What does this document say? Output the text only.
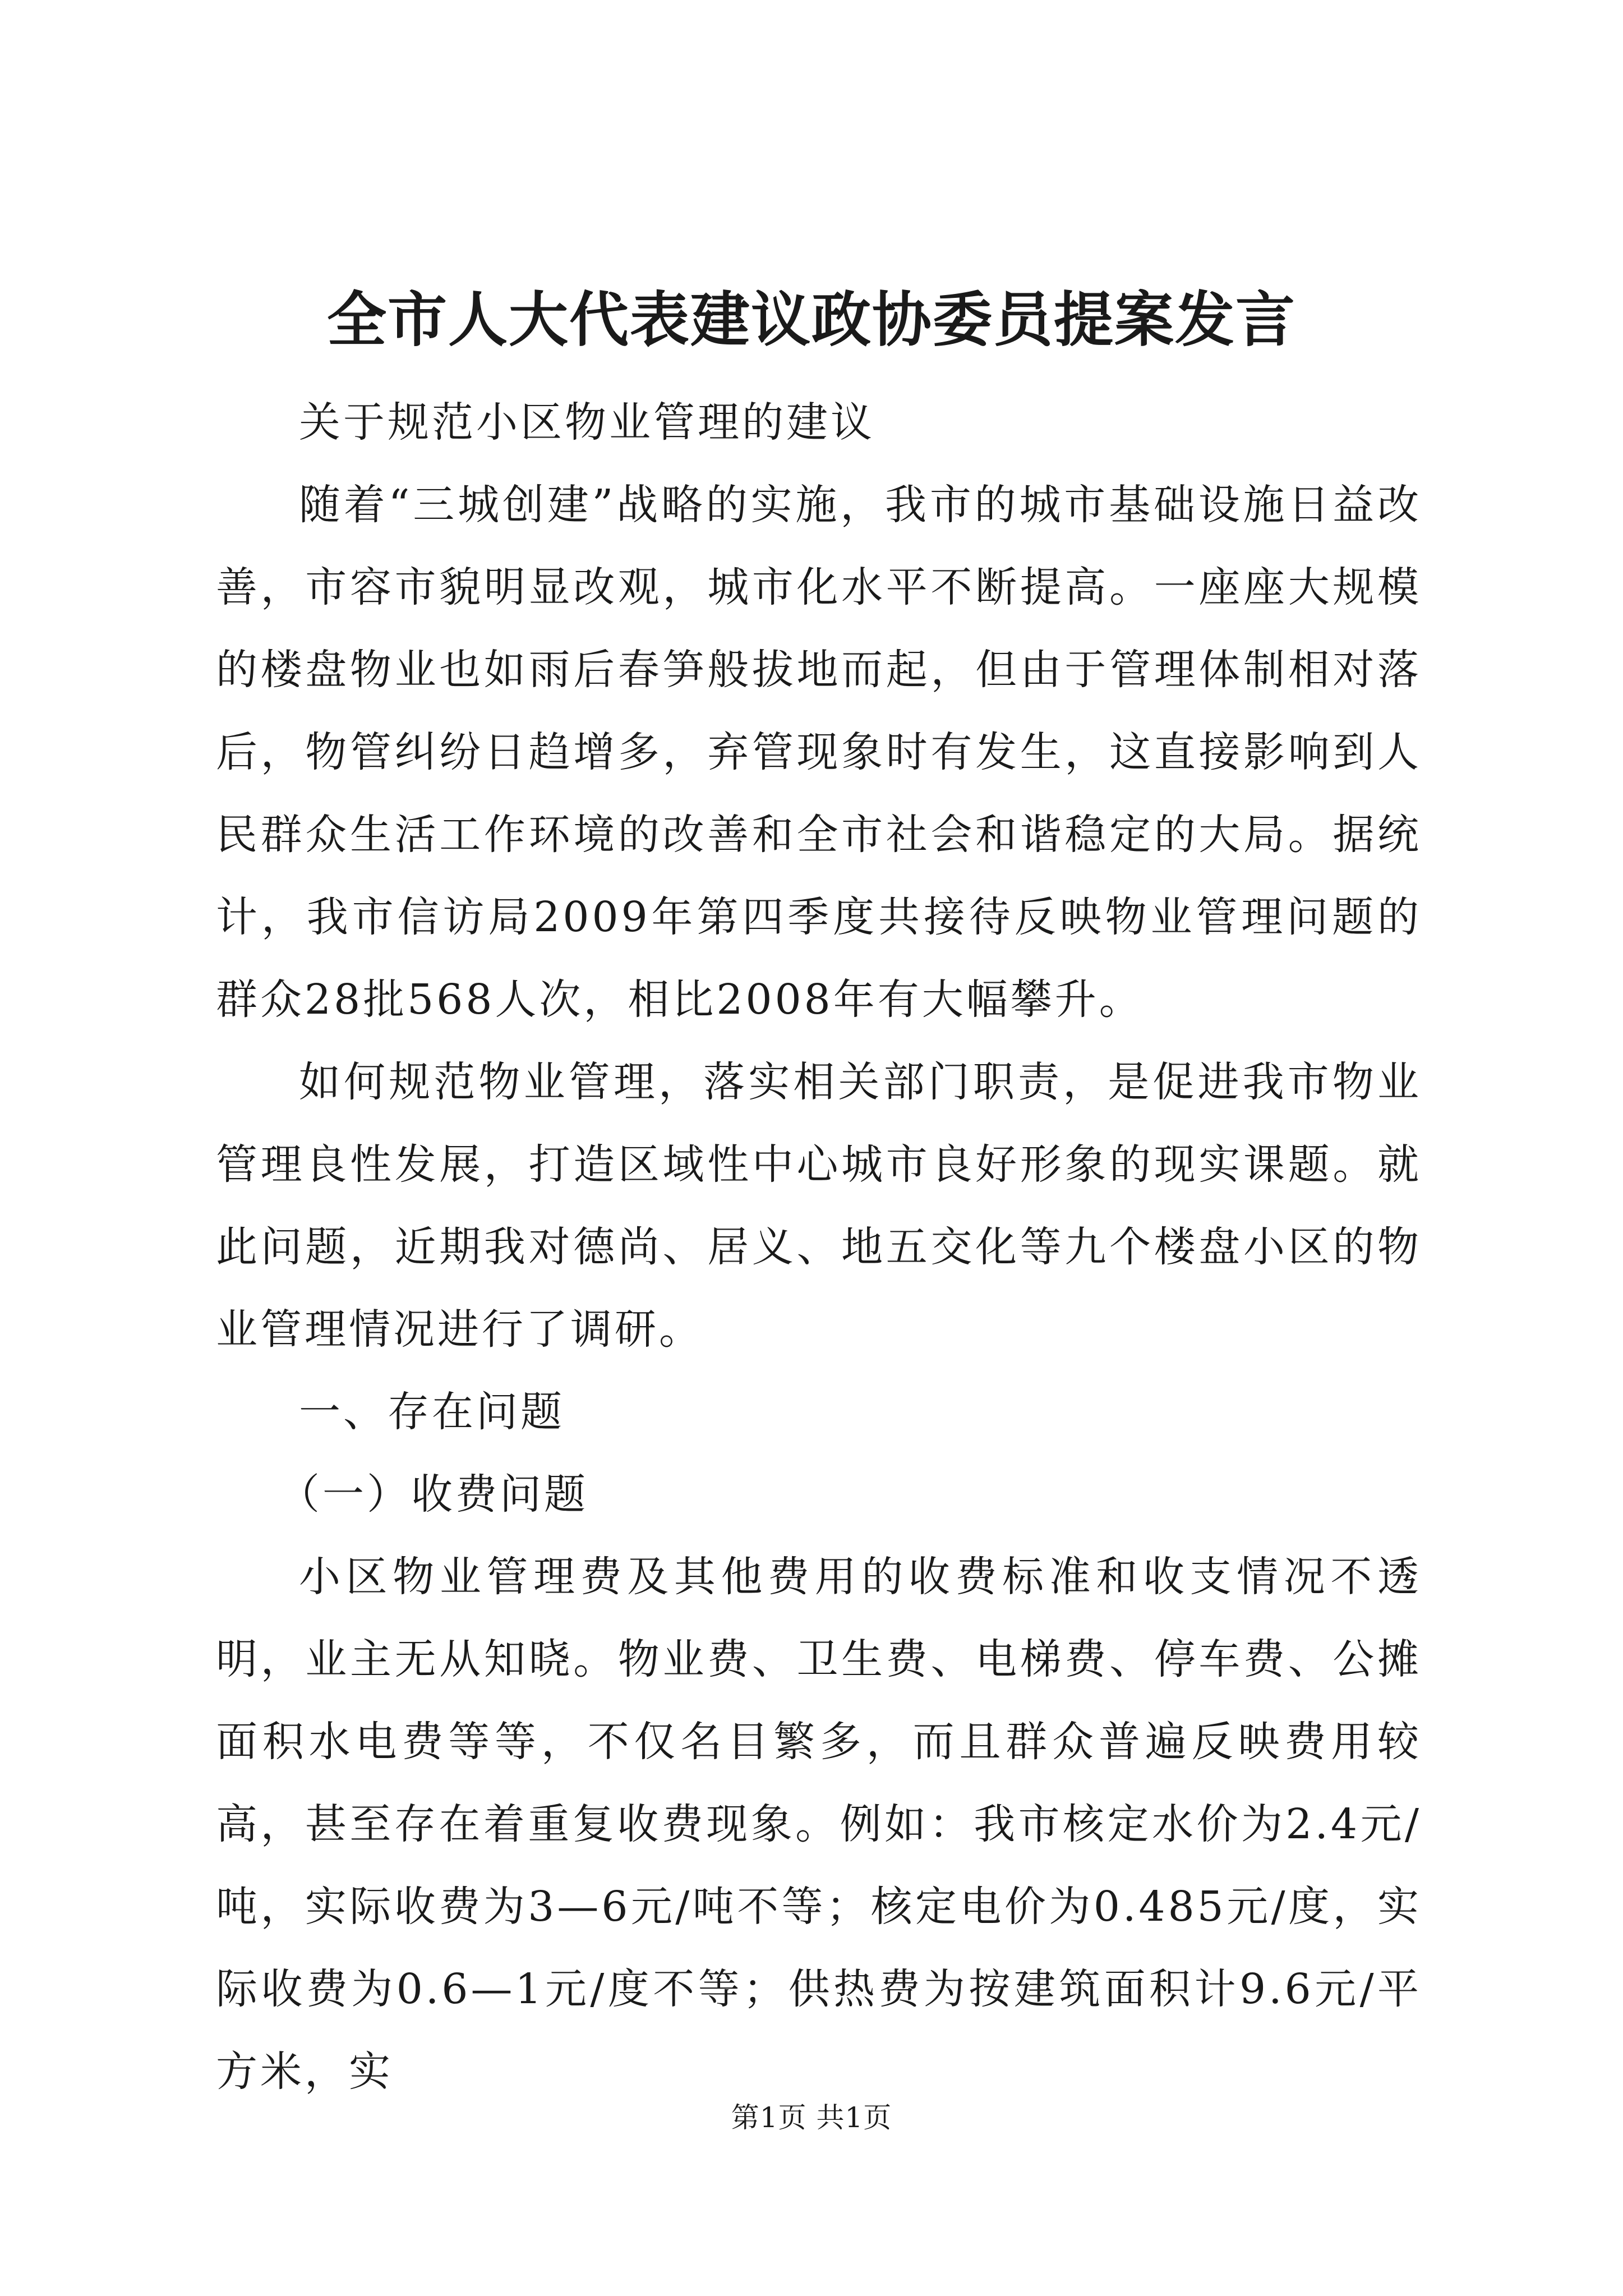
全市人大代表建议政协委员提案发言

关于规范小区物业管理的建议

随着“三城创建”战略的实施，我市的城市基础设施日益改善，市容市貌明显改观，城市化水平不断提高。一座座大规模的楼盘物业也如雨后春笋般拔地而起，但由于管理体制相对落后，物管纠纷日趋增多，弃管现象时有发生，这直接影响到人民群众生活工作环境的改善和全市社会和谐稳定的大局。据统计，我市信访局2009年第四季度共接待反映物业管理问题的群众28批568人次，相比2008年有大幅攀升。

如何规范物业管理，落实相关部门职责，是促进我市物业管理良性发展，打造区域性中心城市良好形象的现实课题。就此问题，近期我对德尚、居义、地五交化等九个楼盘小区的物业管理情况进行了调研。

一、存在问题

（一）收费问题

小区物业管理费及其他费用的收费标准和收支情况不透明，业主无从知晓。物业费、卫生费、电梯费、停车费、公摊面积水电费等等，不仅名目繁多，而且群众普遍反映费用较高，甚至存在着重复收费现象。例如：我市核定水价为2.4元/吨，实际收费为3—6元/吨不等；核定电价为0.485元/度，实际收费为0.6—1元/度不等；供热费为按建筑面积计9.6元/平方米，实

第1页 共1页
